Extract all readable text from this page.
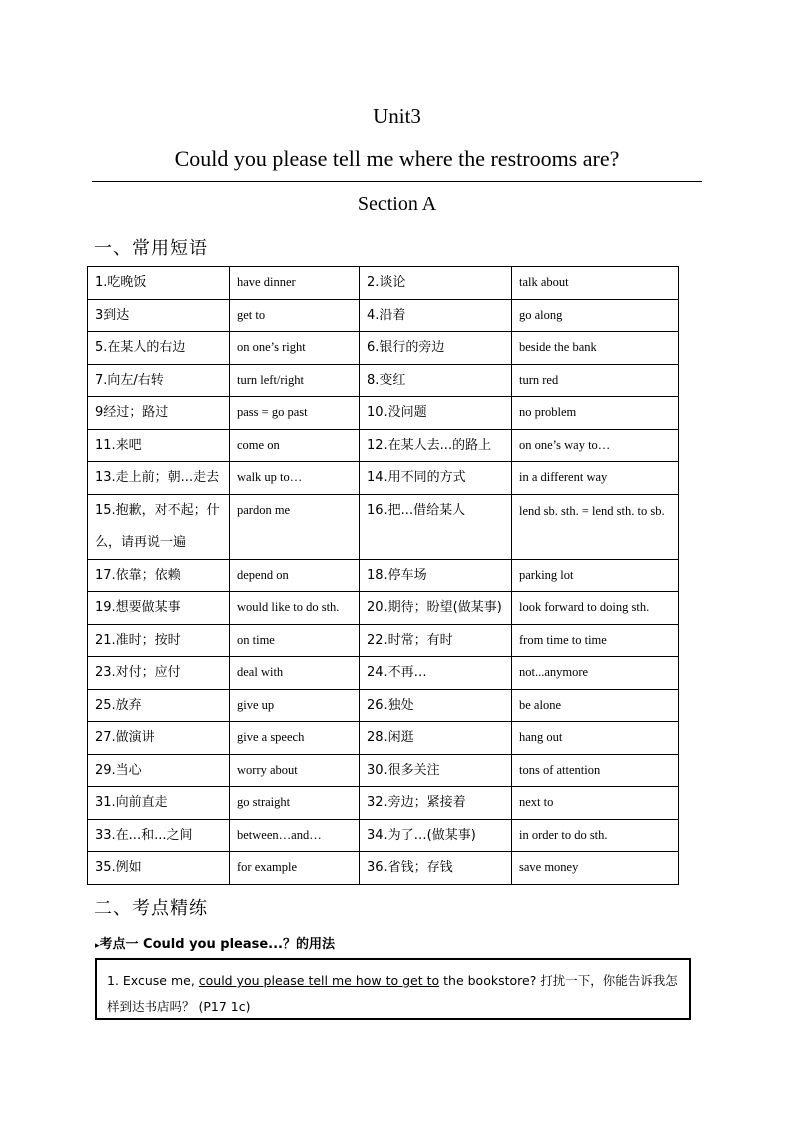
Unit3
Could you please tell me where the restrooms are?
Section A
一、常用短语
1.吃晚饭	have dinner	2.谈论	talk about
3到达	get to	4.沿着	go along
5.在某人的右边	on one’s right	6.银行的旁边	beside the bank
7.向左/右转	turn left/right	8.变红	turn red
9经过；路过	pass = go past	10.没问题	no problem
11.来吧	come on	12.在某人去...的路上	on one’s way to…
13.走上前；朝...走去	walk up to…	14.用不同的方式	in a different way
15.抱歉，对不起；什么，请再说一遍	pardon me	16.把...借给某人	lend sb. sth. = lend sth. to sb.
17.依靠；依赖	depend on	18.停车场	parking lot
19.想要做某事	would like to do sth.	20.期待；盼望(做某事)	look forward to doing sth.
21.准时；按时	on time	22.时常；有时	from time to time
23.对付；应付	deal with	24.不再…	not...anymore
25.放弃	give up	26.独处	be alone
27.做演讲	give a speech	28.闲逛	hang out
29.当心	worry about	30.很多关注	tons of attention
31.向前直走	go straight	32.旁边；紧接着	next to
33.在...和...之间	between…and…	34.为了…(做某事)	in order to do sth.
35.例如	for example	36.省钱；存钱	save money
二、考点精练
▸考点一 Could you please...？的用法
1. Excuse me, could you please tell me how to get to the bookstore? 打扰一下，你能告诉我怎样到达书店吗？ (P17 1c)
